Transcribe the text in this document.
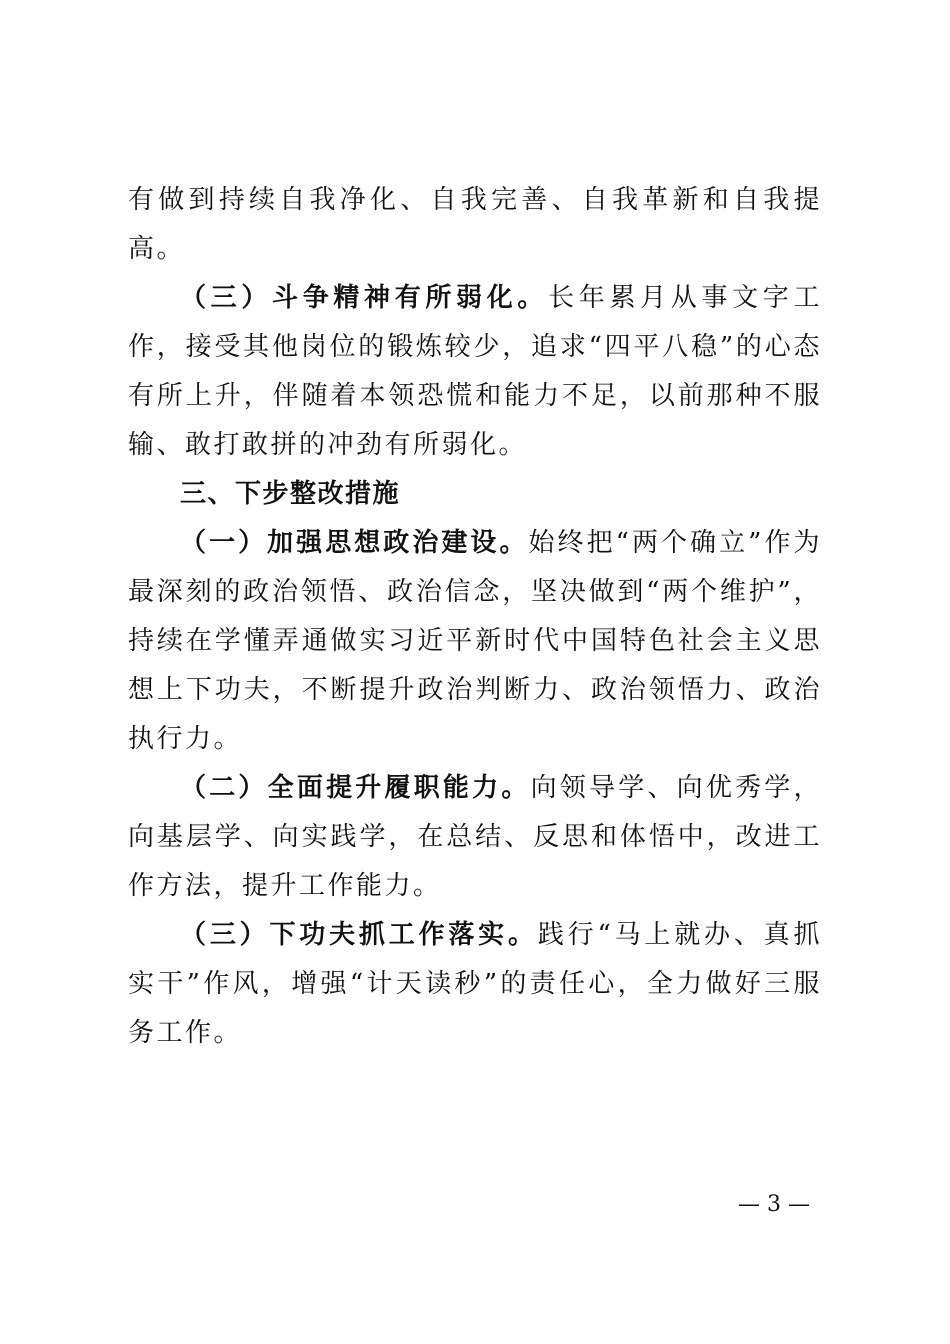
有做到持续自我净化、自我完善、自我革新和自我提高。

（三）斗争精神有所弱化。长年累月从事文字工作，接受其他岗位的锻炼较少，追求“四平八稳”的心态有所上升，伴随着本领恐慌和能力不足，以前那种不服输、敢打敢拼的冲劲有所弱化。

三、下步整改措施

（一）加强思想政治建设。始终把“两个确立”作为最深刻的政治领悟、政治信念，坚决做到“两个维护”，持续在学懂弄通做实习近平新时代中国特色社会主义思想上下功夫，不断提升政治判断力、政治领悟力、政治执行力。

（二）全面提升履职能力。向领导学、向优秀学，向基层学、向实践学，在总结、反思和体悟中，改进工作方法，提升工作能力。

（三）下功夫抓工作落实。践行“马上就办、真抓实干”作风，增强“计天读秒”的责任心，全力做好三服务工作。

— 3 —
